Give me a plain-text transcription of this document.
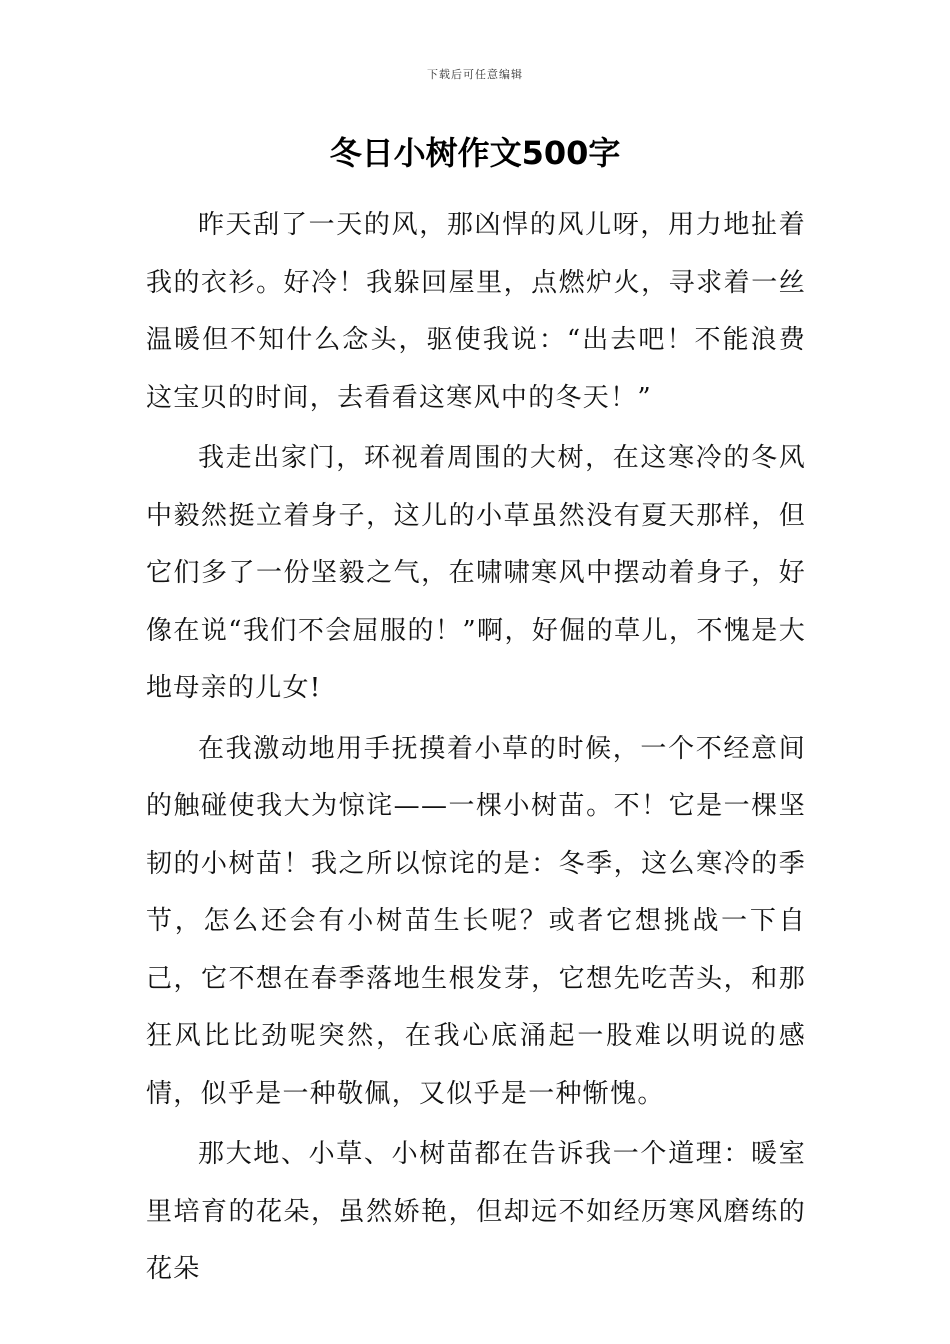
下载后可任意编辑
冬日小树作文500字

昨天刮了一天的风，那凶悍的风儿呀，用力地扯着我的衣衫。好冷！我躲回屋里，点燃炉火，寻求着一丝温暖但不知什么念头，驱使我说：“出去吧！不能浪费这宝贝的时间，去看看这寒风中的冬天！”

我走出家门，环视着周围的大树，在这寒冷的冬风中毅然挺立着身子，这儿的小草虽然没有夏天那样，但它们多了一份坚毅之气，在啸啸寒风中摆动着身子，好像在说“我们不会屈服的！”啊，好倔的草儿，不愧是大地母亲的儿女!

在我激动地用手抚摸着小草的时候，一个不经意间的触碰使我大为惊诧——一棵小树苗。不！它是一棵坚韧的小树苗！我之所以惊诧的是：冬季，这么寒冷的季节，怎么还会有小树苗生长呢？或者它想挑战一下自己，它不想在春季落地生根发芽，它想先吃苦头，和那狂风比比劲呢突然，在我心底涌起一股难以明说的感情，似乎是一种敬佩，又似乎是一种惭愧。

那大地、小草、小树苗都在告诉我一个道理：暖室里培育的花朵，虽然娇艳，但却远不如经历寒风磨练的花朵
